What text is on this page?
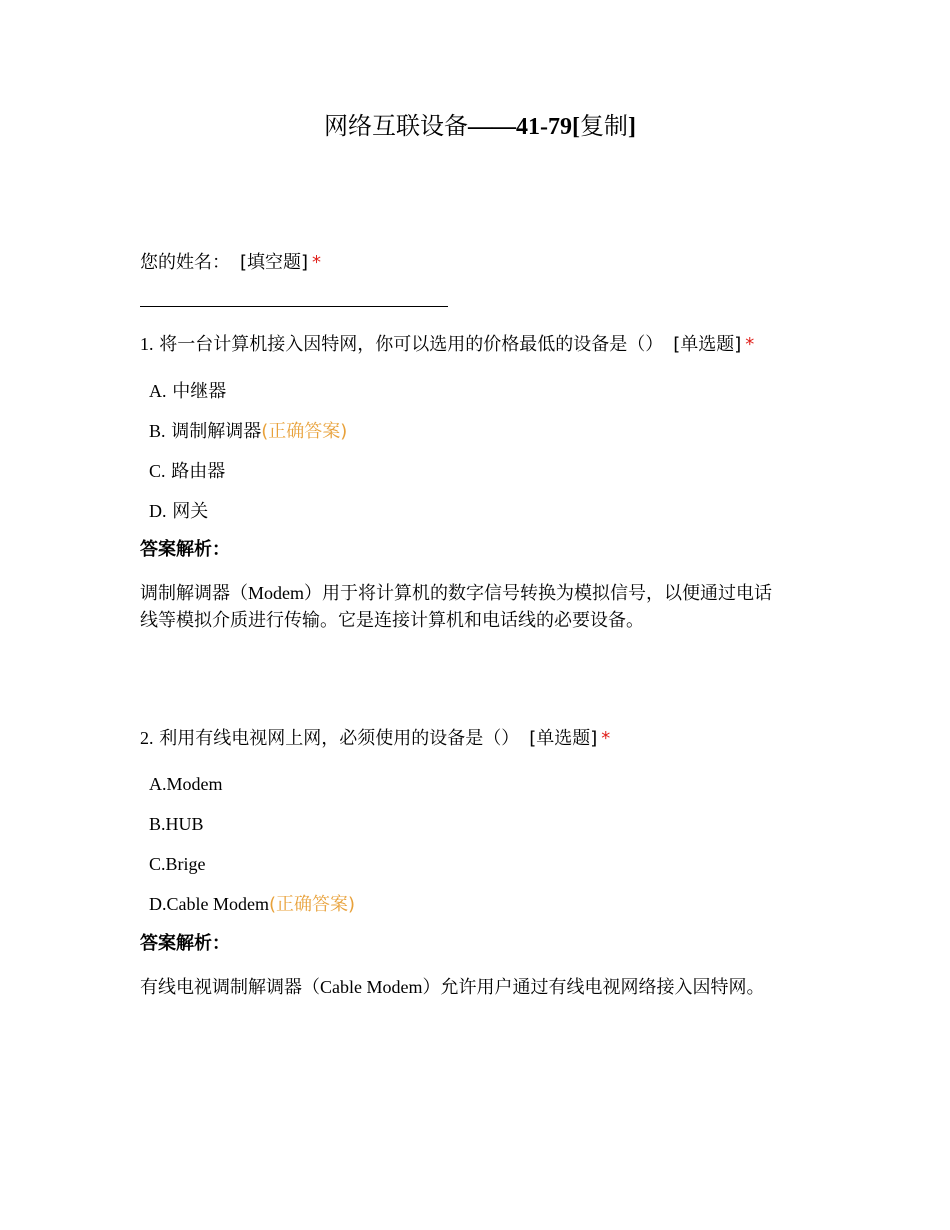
网络互联设备——41-79[复制]
您的姓名： [填空题] *
1. 将一台计算机接入因特网，你可以选用的价格最低的设备是（） [单选题] *
A. 中继器
B. 调制解调器(正确答案)
C. 路由器
D. 网关
答案解析：
调制解调器（Modem）用于将计算机的数字信号转换为模拟信号，以便通过电话
线等模拟介质进行传输。它是连接计算机和电话线的必要设备。
2. 利用有线电视网上网，必须使用的设备是（） [单选题] *
A.Modem
B.HUB
C.Brige
D.Cable Modem(正确答案)
答案解析：
有线电视调制解调器（Cable Modem）允许用户通过有线电视网络接入因特网。
